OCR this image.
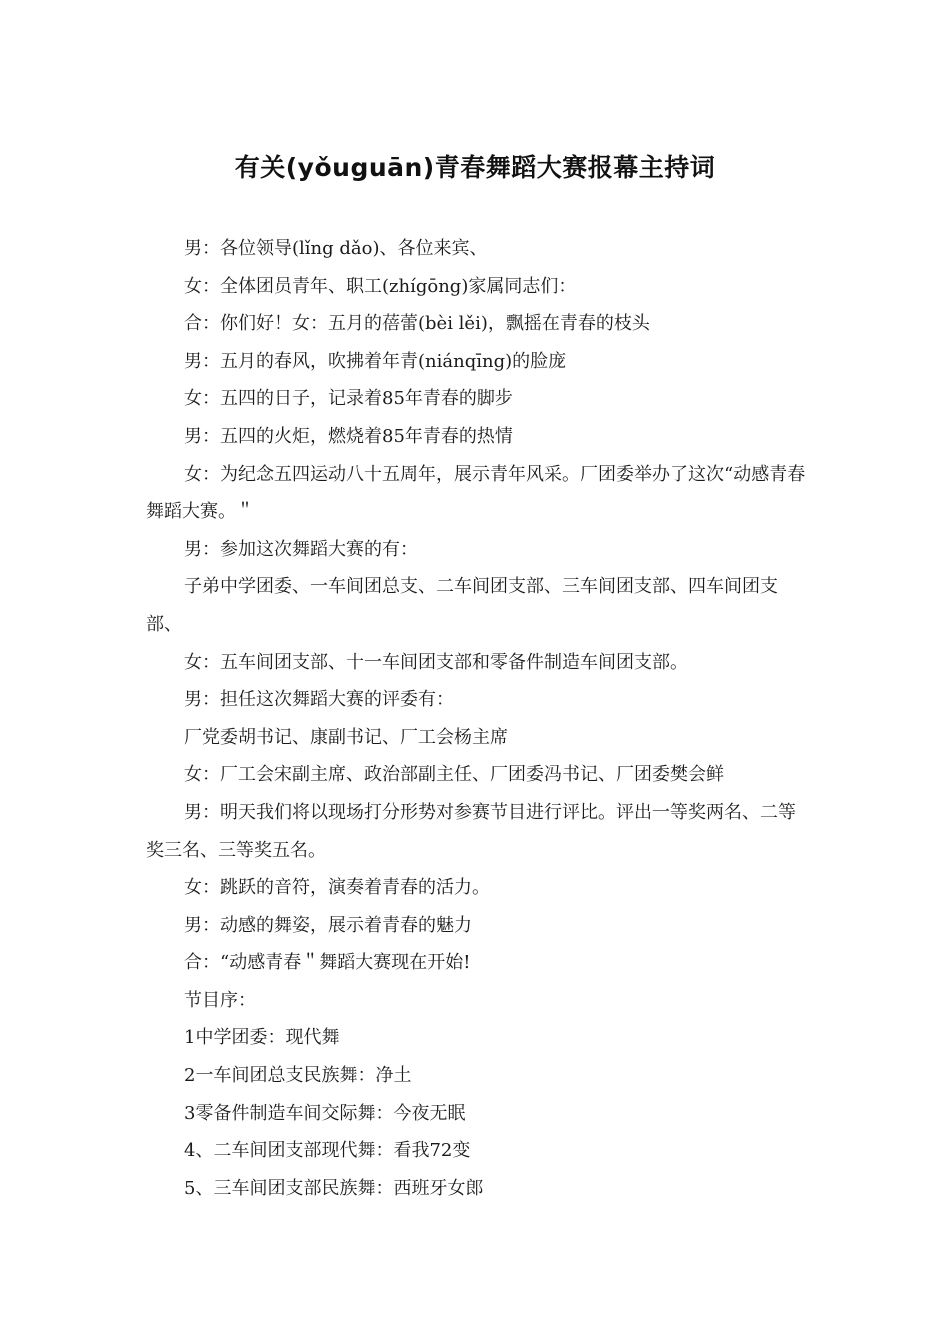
有关(yǒuguān)青春舞蹈大赛报幕主持词

男：各位领导(lǐng dǎo)、各位来宾、

女：全体团员青年、职工(zhígōng)家属同志们：

合：你们好！女：五月的蓓蕾(bèi lěi)，飘摇在青春的枝头

男：五月的春风，吹拂着年青(niánqīng)的脸庞

女：五四的日子，记录着85年青春的脚步

男：五四的火炬，燃烧着85年青春的热情

女：为纪念五四运动八十五周年，展示青年风采。厂团委举办了这次“动感青春舞蹈大赛。＂

男：参加这次舞蹈大赛的有：

子弟中学团委、一车间团总支、二车间团支部、三车间团支部、四车间团支部、

女：五车间团支部、十一车间团支部和零备件制造车间团支部。

男：担任这次舞蹈大赛的评委有：

厂党委胡书记、康副书记、厂工会杨主席

女：厂工会宋副主席、政治部副主任、厂团委冯书记、厂团委樊会鲜

男：明天我们将以现场打分形势对参赛节目进行评比。评出一等奖两名、二等奖三名、三等奖五名。

女：跳跃的音符，演奏着青春的活力。

男：动感的舞姿，展示着青春的魅力

合：“动感青春＂舞蹈大赛现在开始!

节目序：

1中学团委：现代舞

2一车间团总支民族舞：净土

3零备件制造车间交际舞：今夜无眠

4、二车间团支部现代舞：看我72变

5、三车间团支部民族舞：西班牙女郎
